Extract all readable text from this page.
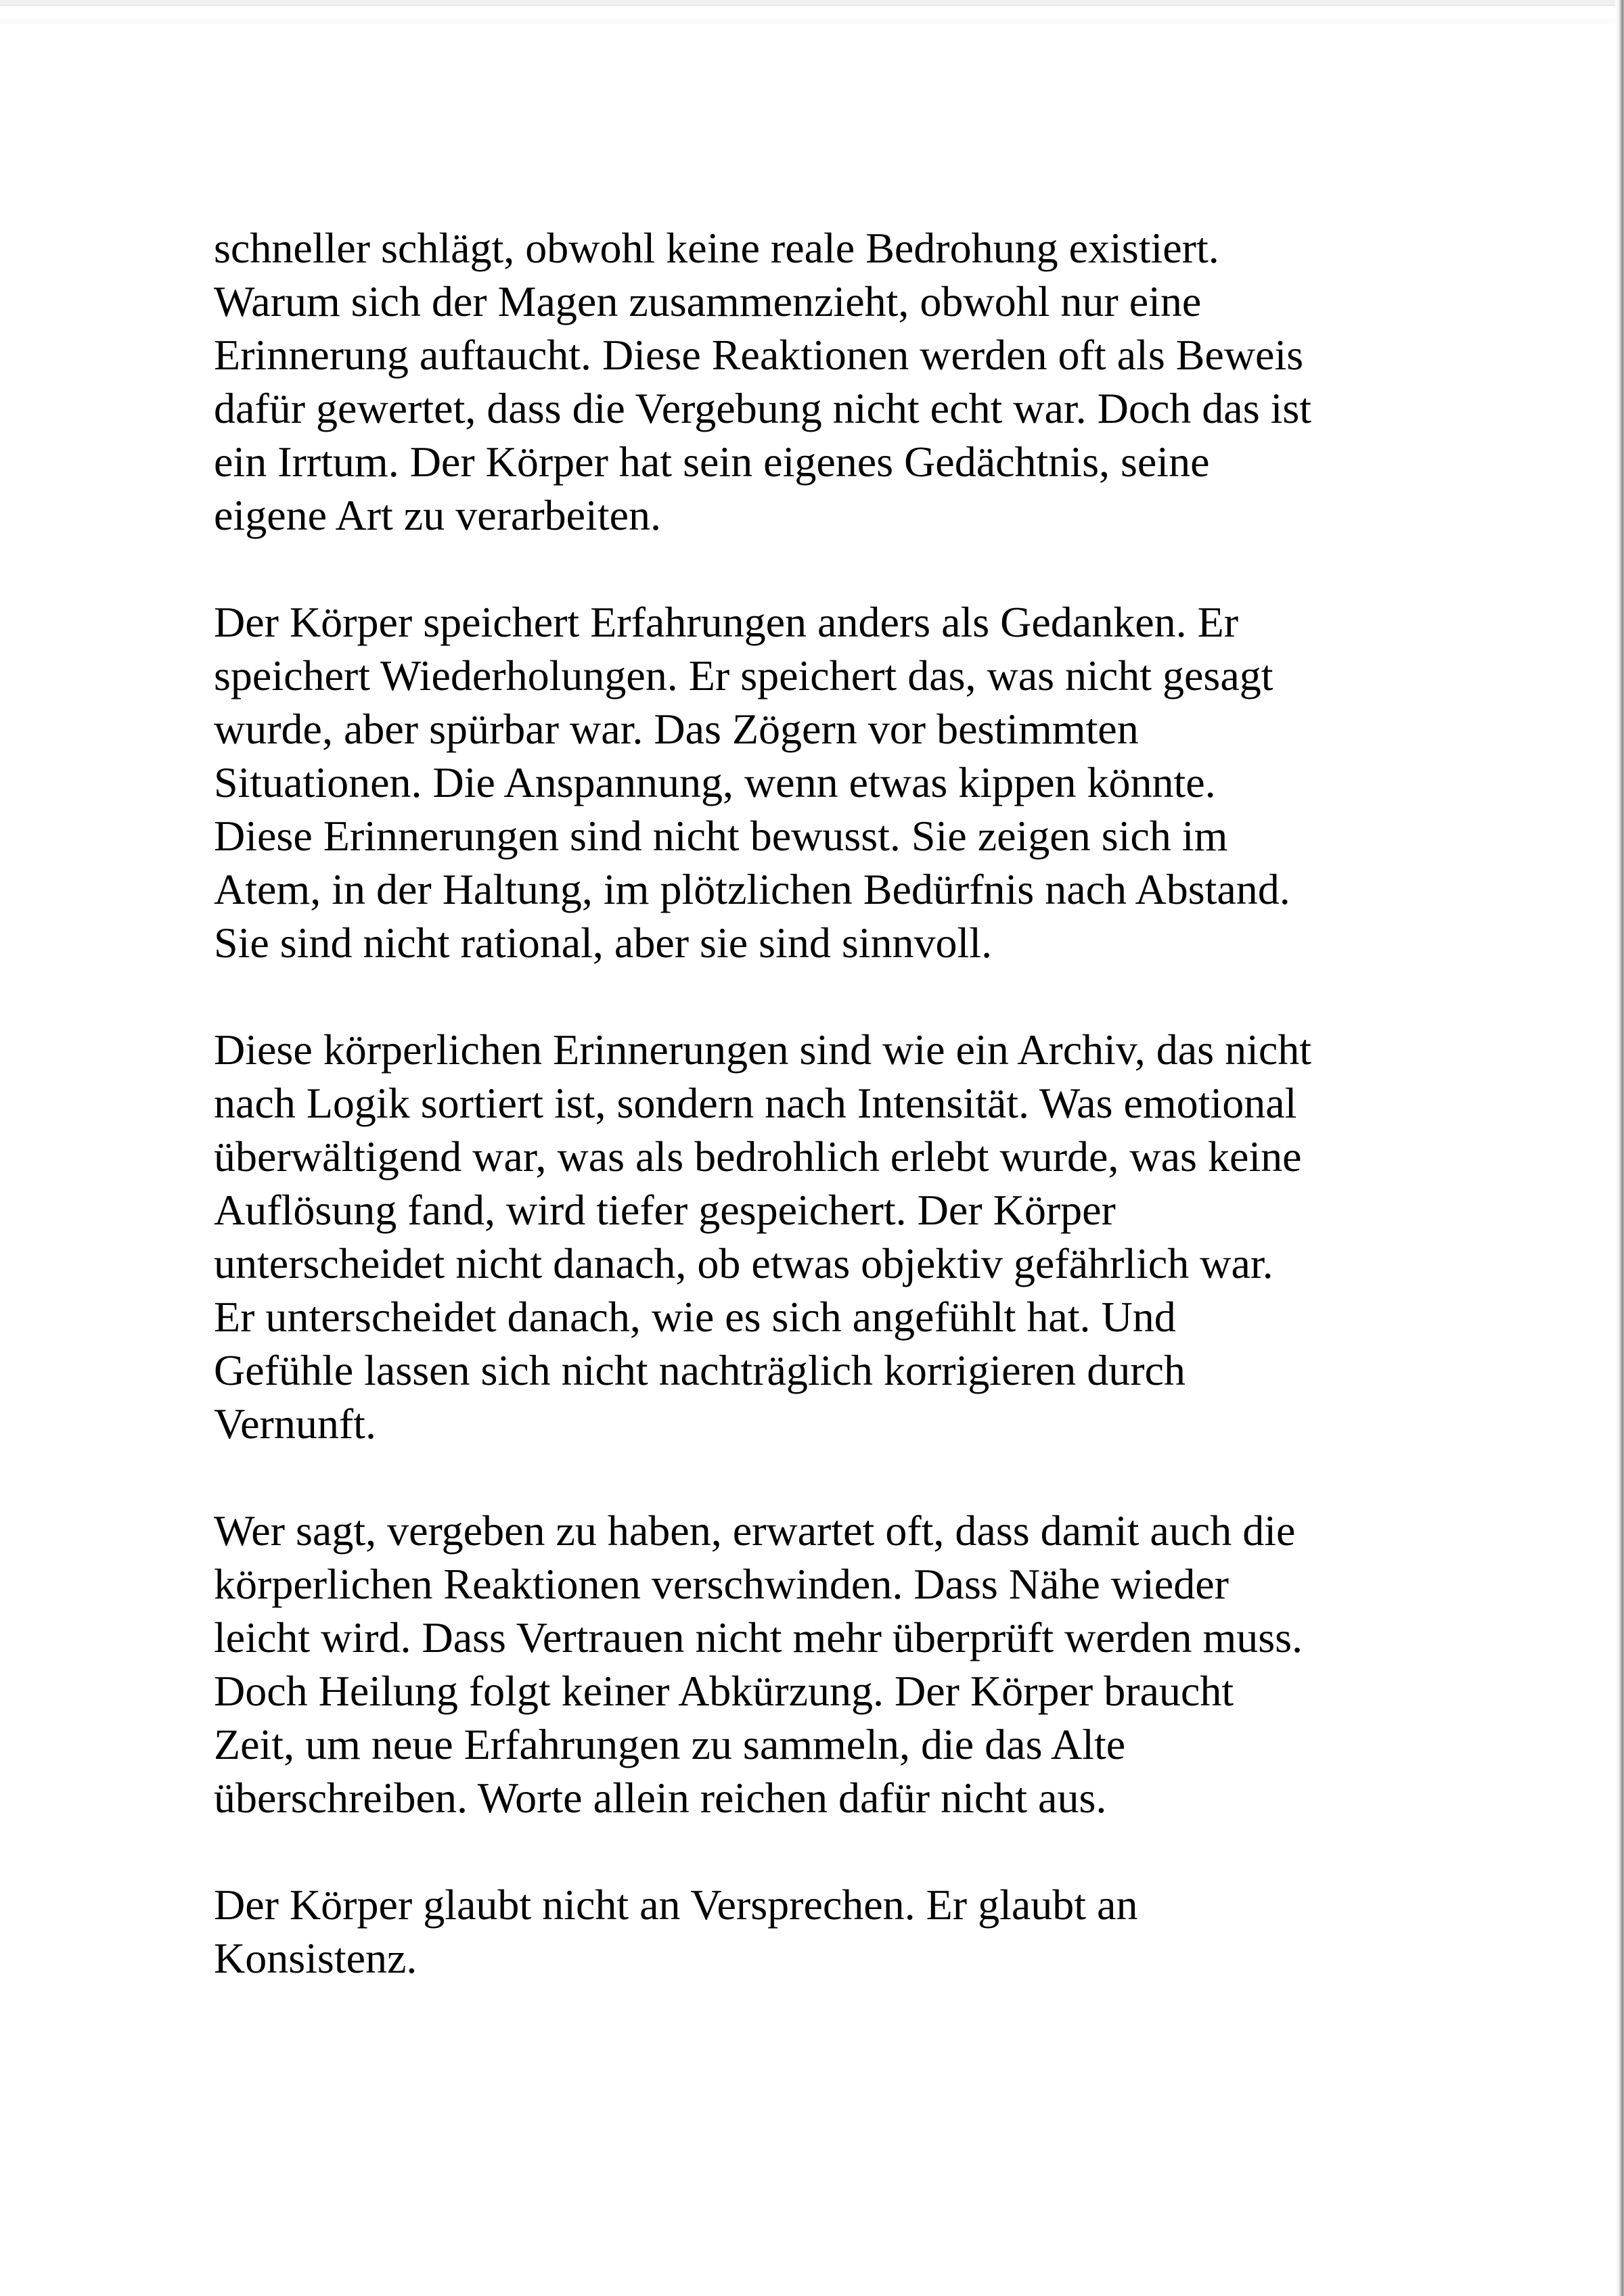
schneller schlägt, obwohl keine reale Bedrohung existiert.
Warum sich der Magen zusammenzieht, obwohl nur eine
Erinnerung auftaucht. Diese Reaktionen werden oft als Beweis
dafür gewertet, dass die Vergebung nicht echt war. Doch das ist
ein Irrtum. Der Körper hat sein eigenes Gedächtnis, seine
eigene Art zu verarbeiten.
Der Körper speichert Erfahrungen anders als Gedanken. Er
speichert Wiederholungen. Er speichert das, was nicht gesagt
wurde, aber spürbar war. Das Zögern vor bestimmten
Situationen. Die Anspannung, wenn etwas kippen könnte.
Diese Erinnerungen sind nicht bewusst. Sie zeigen sich im
Atem, in der Haltung, im plötzlichen Bedürfnis nach Abstand.
Sie sind nicht rational, aber sie sind sinnvoll.
Diese körperlichen Erinnerungen sind wie ein Archiv, das nicht
nach Logik sortiert ist, sondern nach Intensität. Was emotional
überwältigend war, was als bedrohlich erlebt wurde, was keine
Auflösung fand, wird tiefer gespeichert. Der Körper
unterscheidet nicht danach, ob etwas objektiv gefährlich war.
Er unterscheidet danach, wie es sich angefühlt hat. Und
Gefühle lassen sich nicht nachträglich korrigieren durch
Vernunft.
Wer sagt, vergeben zu haben, erwartet oft, dass damit auch die
körperlichen Reaktionen verschwinden. Dass Nähe wieder
leicht wird. Dass Vertrauen nicht mehr überprüft werden muss.
Doch Heilung folgt keiner Abkürzung. Der Körper braucht
Zeit, um neue Erfahrungen zu sammeln, die das Alte
überschreiben. Worte allein reichen dafür nicht aus.
Der Körper glaubt nicht an Versprechen. Er glaubt an
Konsistenz.
